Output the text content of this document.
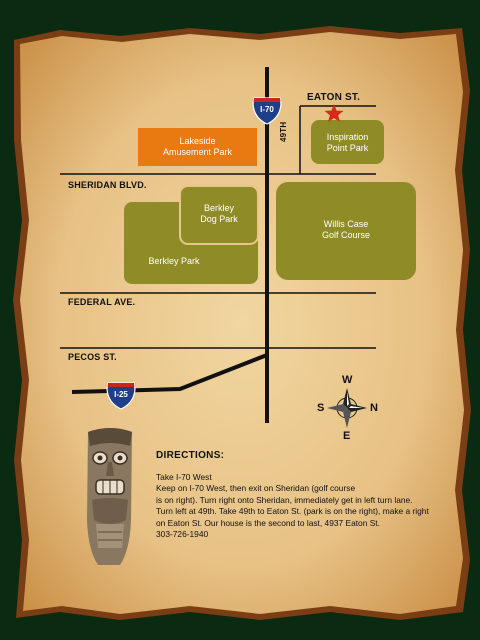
EATON ST.
SHERIDAN BLVD.
FEDERAL AVE.
PECOS ST.
49TH
I-70
I-25
Lakeside
Amusement Park
Inspiration
Point Park
Berkley
Dog Park	Willis Case
Golf Course
Berkley Park
W
S	N
E
DIRECTIONS:
Take I-70 West
Keep on I-70 West, then exit on Sheridan (golf course
is on right). Turn right onto Sheridan, immediately get in left turn lane.
Turn left at 49th. Take 49th to Eaton St. (park is on the right), make a right
on Eaton St. Our house is the second to last, 4937 Eaton St.
303-726-1940
